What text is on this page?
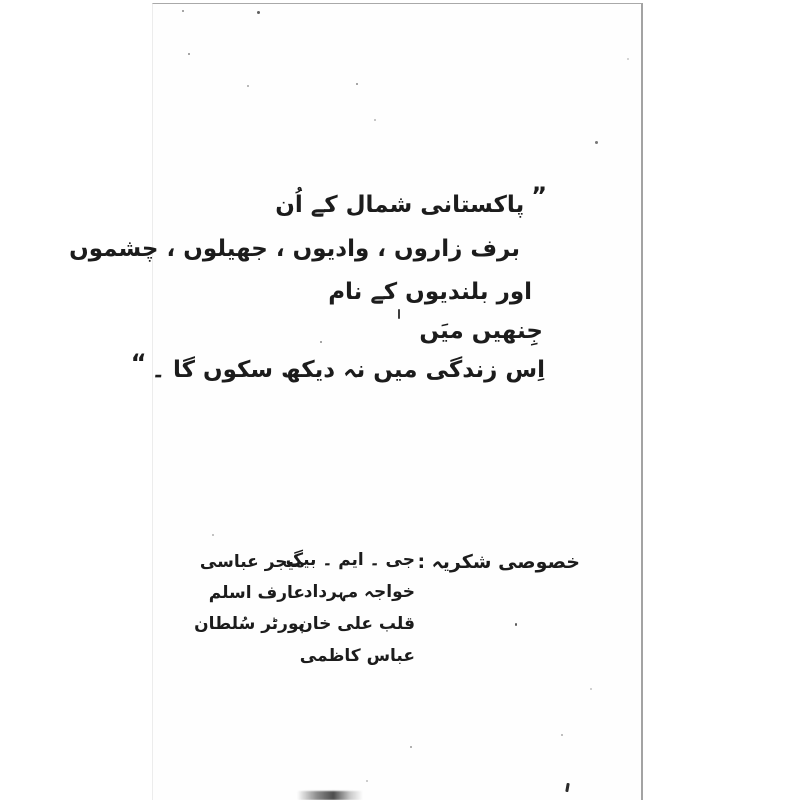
”پاکستانی شمال کے اُن
برف زاروں ، وادیوں ، جھیلوں ، چشموں
اور بلندیوں کے نام
جِنھیں میَں
اِس زندگی میں نہ دیکھ سکوں گا ۔“
خصوصی شکریہ :
جی ۔ ایم ۔ بیگ
خواجہ مہرداد
قلب علی خان
عباس کاظمی
میجر عباسی
عارف اسلم
پورٹر سُلطان
